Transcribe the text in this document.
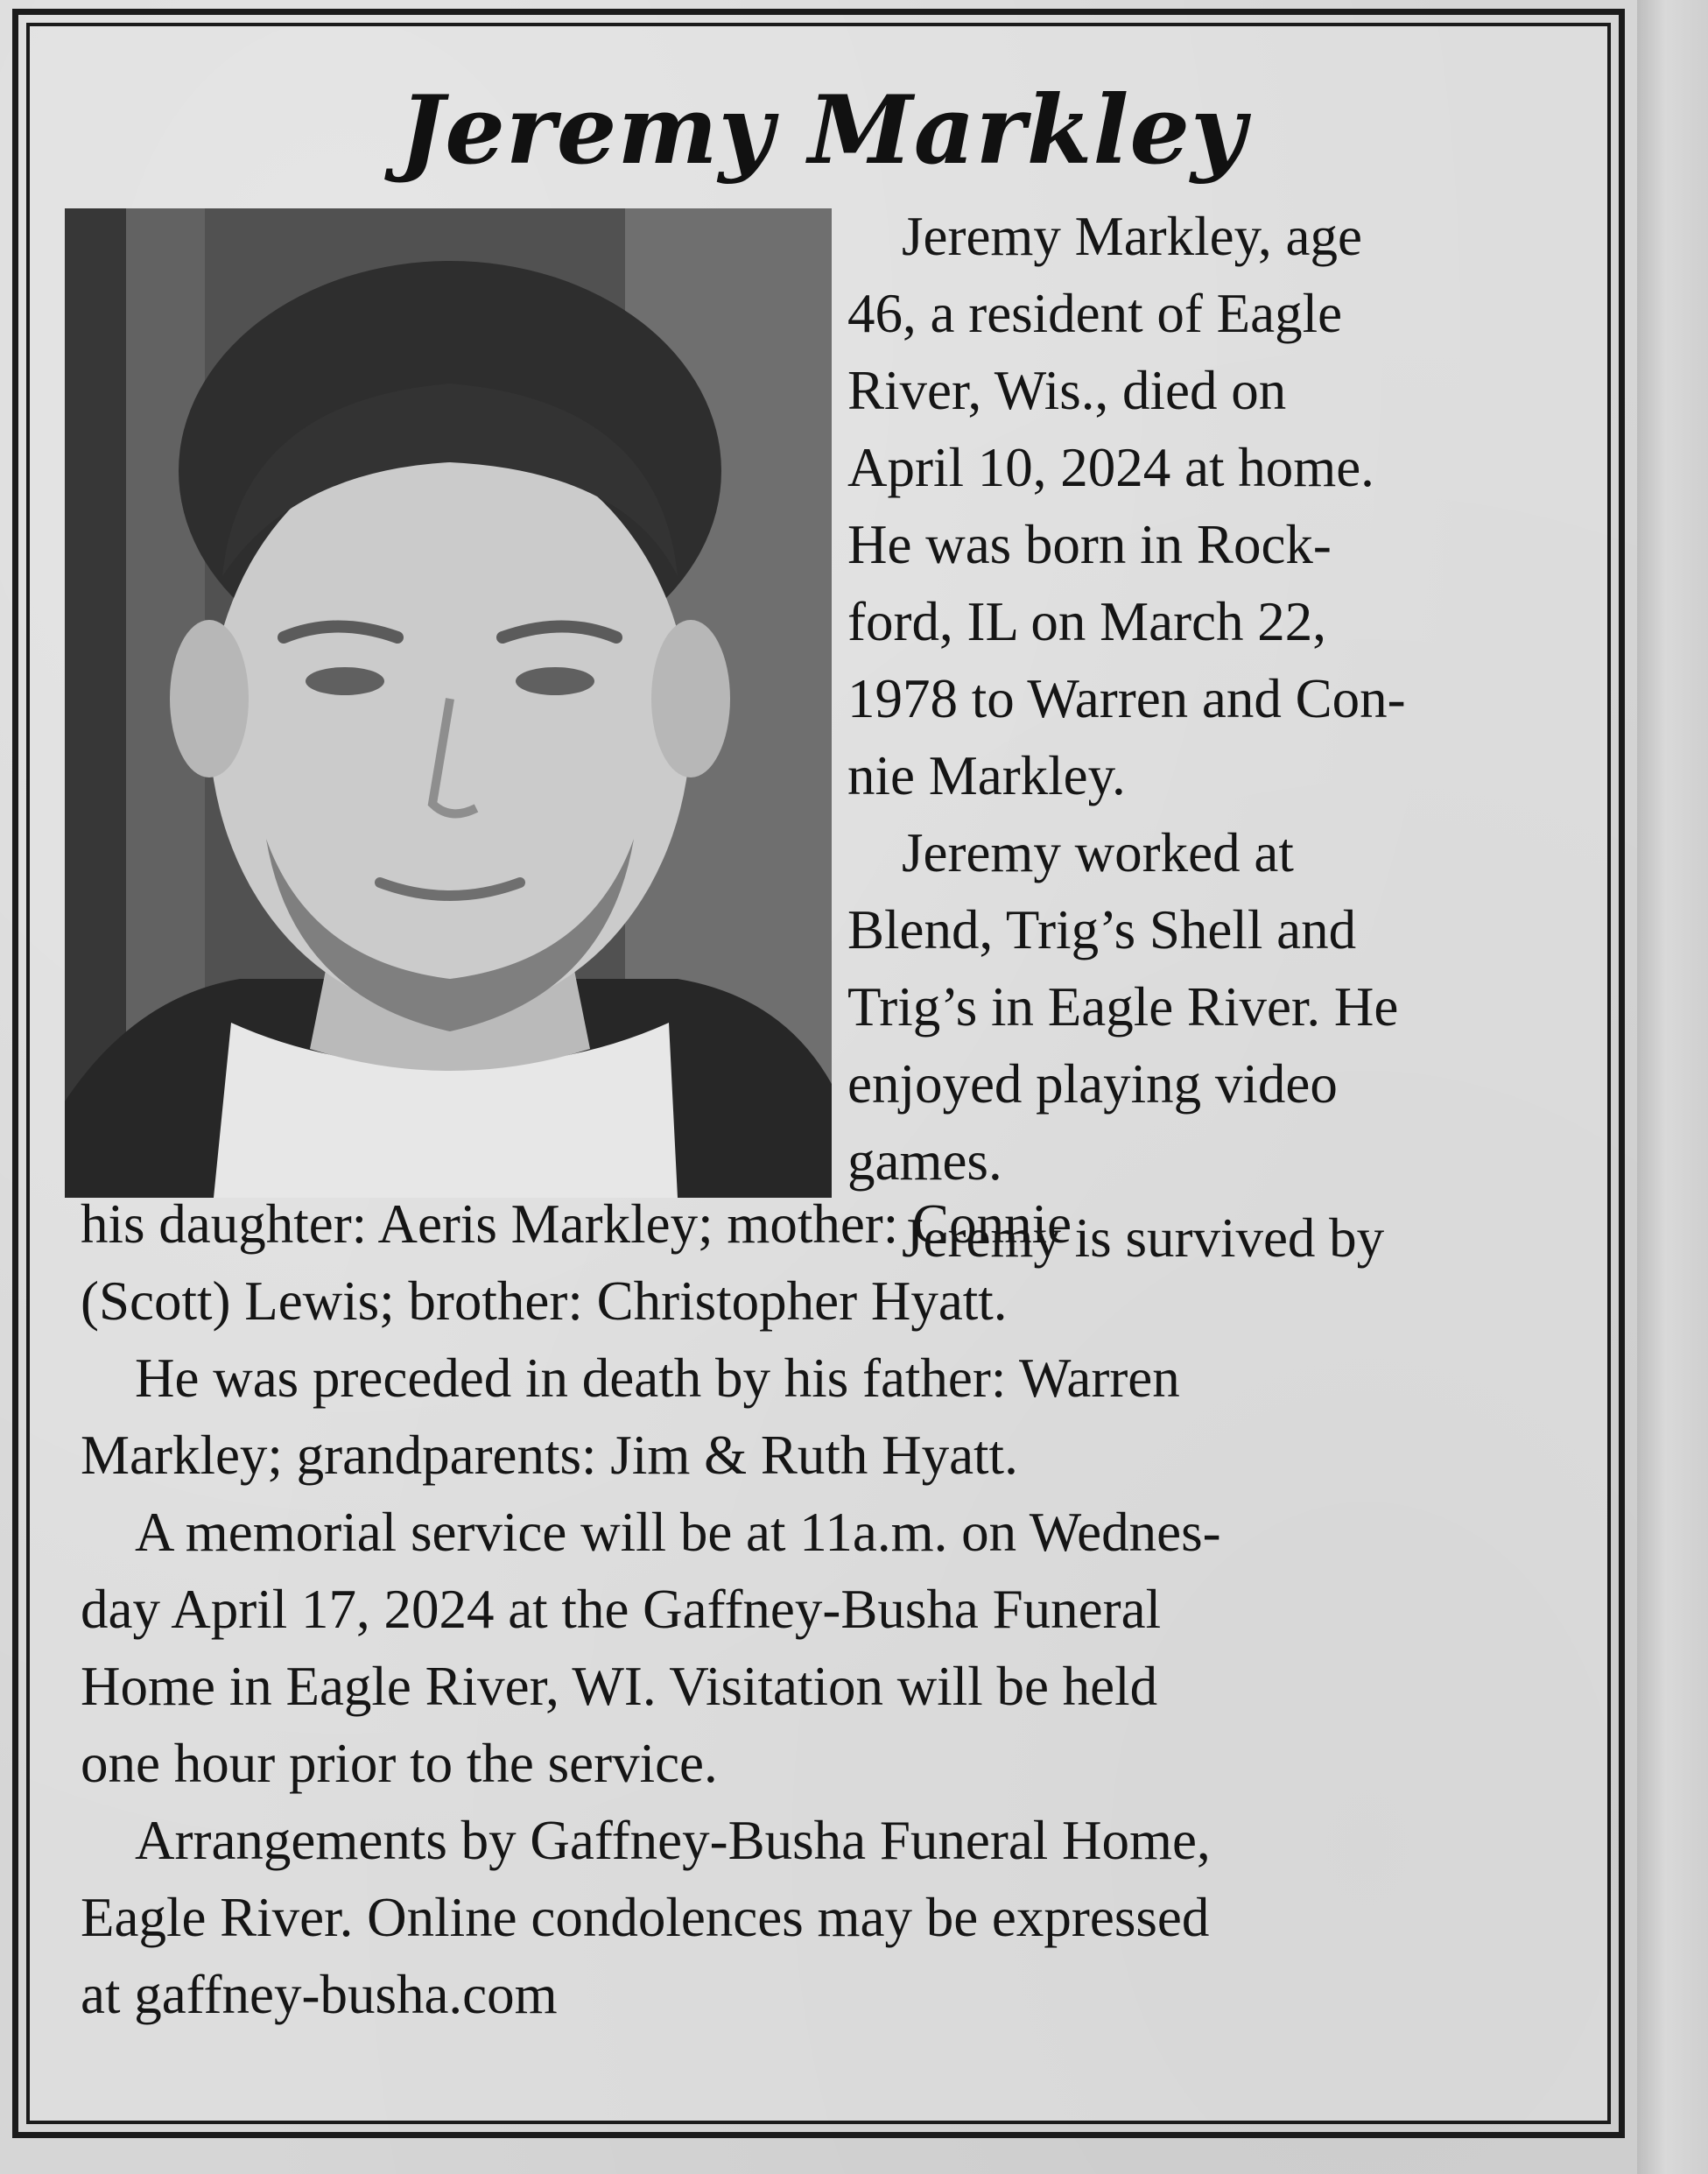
Jeremy Markley
Jeremy Markley, age
46, a resident of Eagle
River, Wis., died on
April 10, 2024 at home.
He was born in Rock-
ford, IL on March 22,
1978 to Warren and Con-
nie Markley.
Jeremy worked at
Blend, Trig’s Shell and
Trig’s in Eagle River. He
enjoyed playing video
games.
Jeremy is survived by
his daughter: Aeris Markley; mother: Connie
(Scott) Lewis; brother: Christopher Hyatt.
He was preceded in death by his father: Warren
Markley; grandparents: Jim & Ruth Hyatt.
A memorial service will be at 11a.m. on Wednes-
day April 17, 2024 at the Gaffney-Busha Funeral
Home in Eagle River, WI. Visitation will be held
one hour prior to the service.
Arrangements by Gaffney-Busha Funeral Home,
Eagle River. Online condolences may be expressed
at gaffney-busha.com
